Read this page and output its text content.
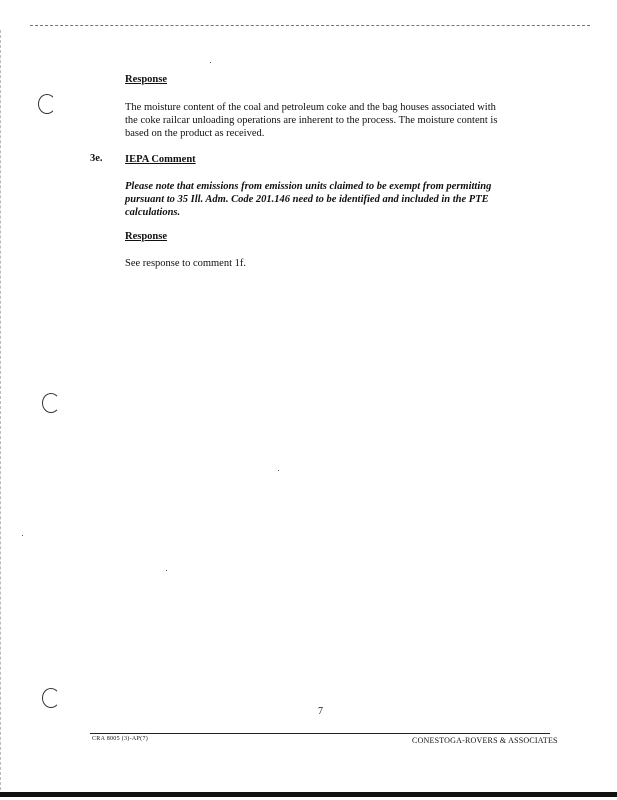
Response
The moisture content of the coal and petroleum coke and the bag houses associated with
the coke railcar unloading operations are inherent to the process. The moisture content is
based on the product as received.
3e. IEPA Comment
Please note that emissions from emission units claimed to be exempt from permitting
pursuant to 35 Ill. Adm. Code 201.146 need to be identified and included in the PTE
calculations.
Response
See response to comment 1f.
7
CRA 8005 (3)-AP(7)	CONESTOGA-ROVERS & ASSOCIATES
